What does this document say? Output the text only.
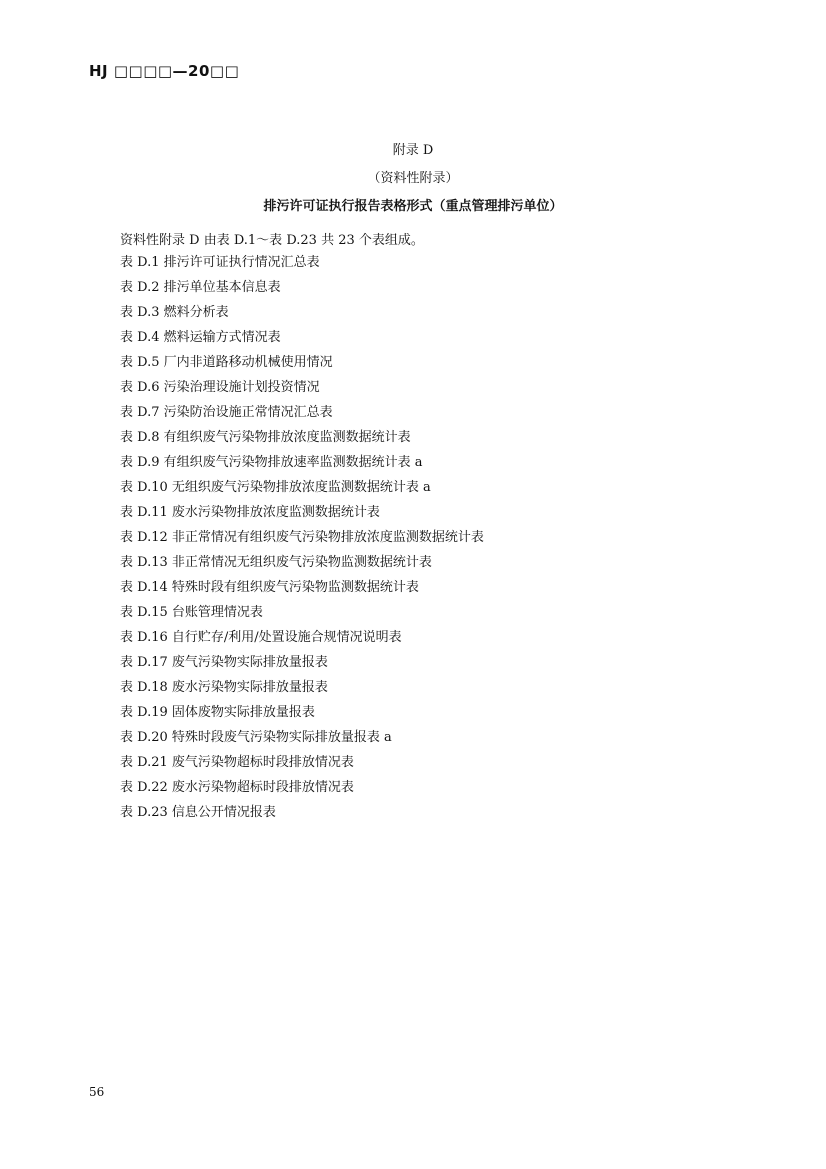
HJ □□□□—20□□
附录 D
（资料性附录）
排污许可证执行报告表格形式（重点管理排污单位）
资料性附录 D 由表 D.1～表 D.23 共 23 个表组成。
表 D.1 排污许可证执行情况汇总表
表 D.2 排污单位基本信息表
表 D.3 燃料分析表
表 D.4 燃料运输方式情况表
表 D.5 厂内非道路移动机械使用情况
表 D.6 污染治理设施计划投资情况
表 D.7 污染防治设施正常情况汇总表
表 D.8 有组织废气污染物排放浓度监测数据统计表
表 D.9 有组织废气污染物排放速率监测数据统计表 a
表 D.10 无组织废气污染物排放浓度监测数据统计表 a
表 D.11 废水污染物排放浓度监测数据统计表
表 D.12 非正常情况有组织废气污染物排放浓度监测数据统计表
表 D.13 非正常情况无组织废气污染物监测数据统计表
表 D.14 特殊时段有组织废气污染物监测数据统计表
表 D.15 台账管理情况表
表 D.16 自行贮存/利用/处置设施合规情况说明表
表 D.17 废气污染物实际排放量报表
表 D.18 废水污染物实际排放量报表
表 D.19 固体废物实际排放量报表
表 D.20 特殊时段废气污染物实际排放量报表 a
表 D.21 废气污染物超标时段排放情况表
表 D.22 废水污染物超标时段排放情况表
表 D.23 信息公开情况报表
56
